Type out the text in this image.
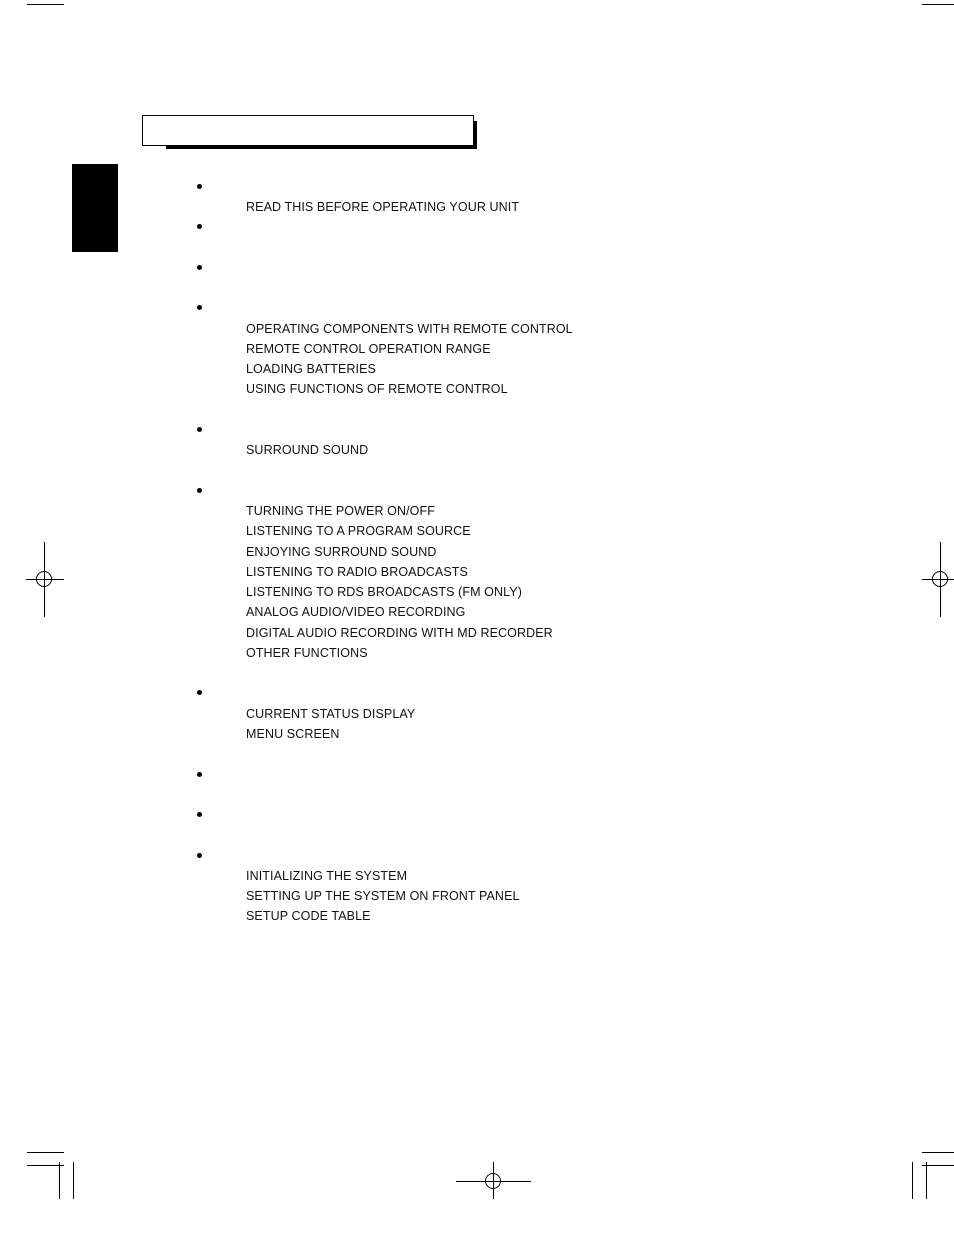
READ THIS BEFORE OPERATING YOUR UNIT
OPERATING COMPONENTS WITH REMOTE CONTROL
REMOTE CONTROL OPERATION RANGE
LOADING BATTERIES
USING FUNCTIONS OF REMOTE CONTROL
SURROUND SOUND
TURNING THE POWER ON/OFF
LISTENING TO A PROGRAM SOURCE
ENJOYING SURROUND SOUND
LISTENING TO RADIO BROADCASTS
LISTENING TO RDS BROADCASTS (FM ONLY)
ANALOG AUDIO/VIDEO RECORDING
DIGITAL AUDIO RECORDING WITH MD RECORDER
OTHER FUNCTIONS
CURRENT STATUS DISPLAY
MENU SCREEN
INITIALIZING THE SYSTEM
SETTING UP THE SYSTEM ON FRONT PANEL
SETUP CODE TABLE
